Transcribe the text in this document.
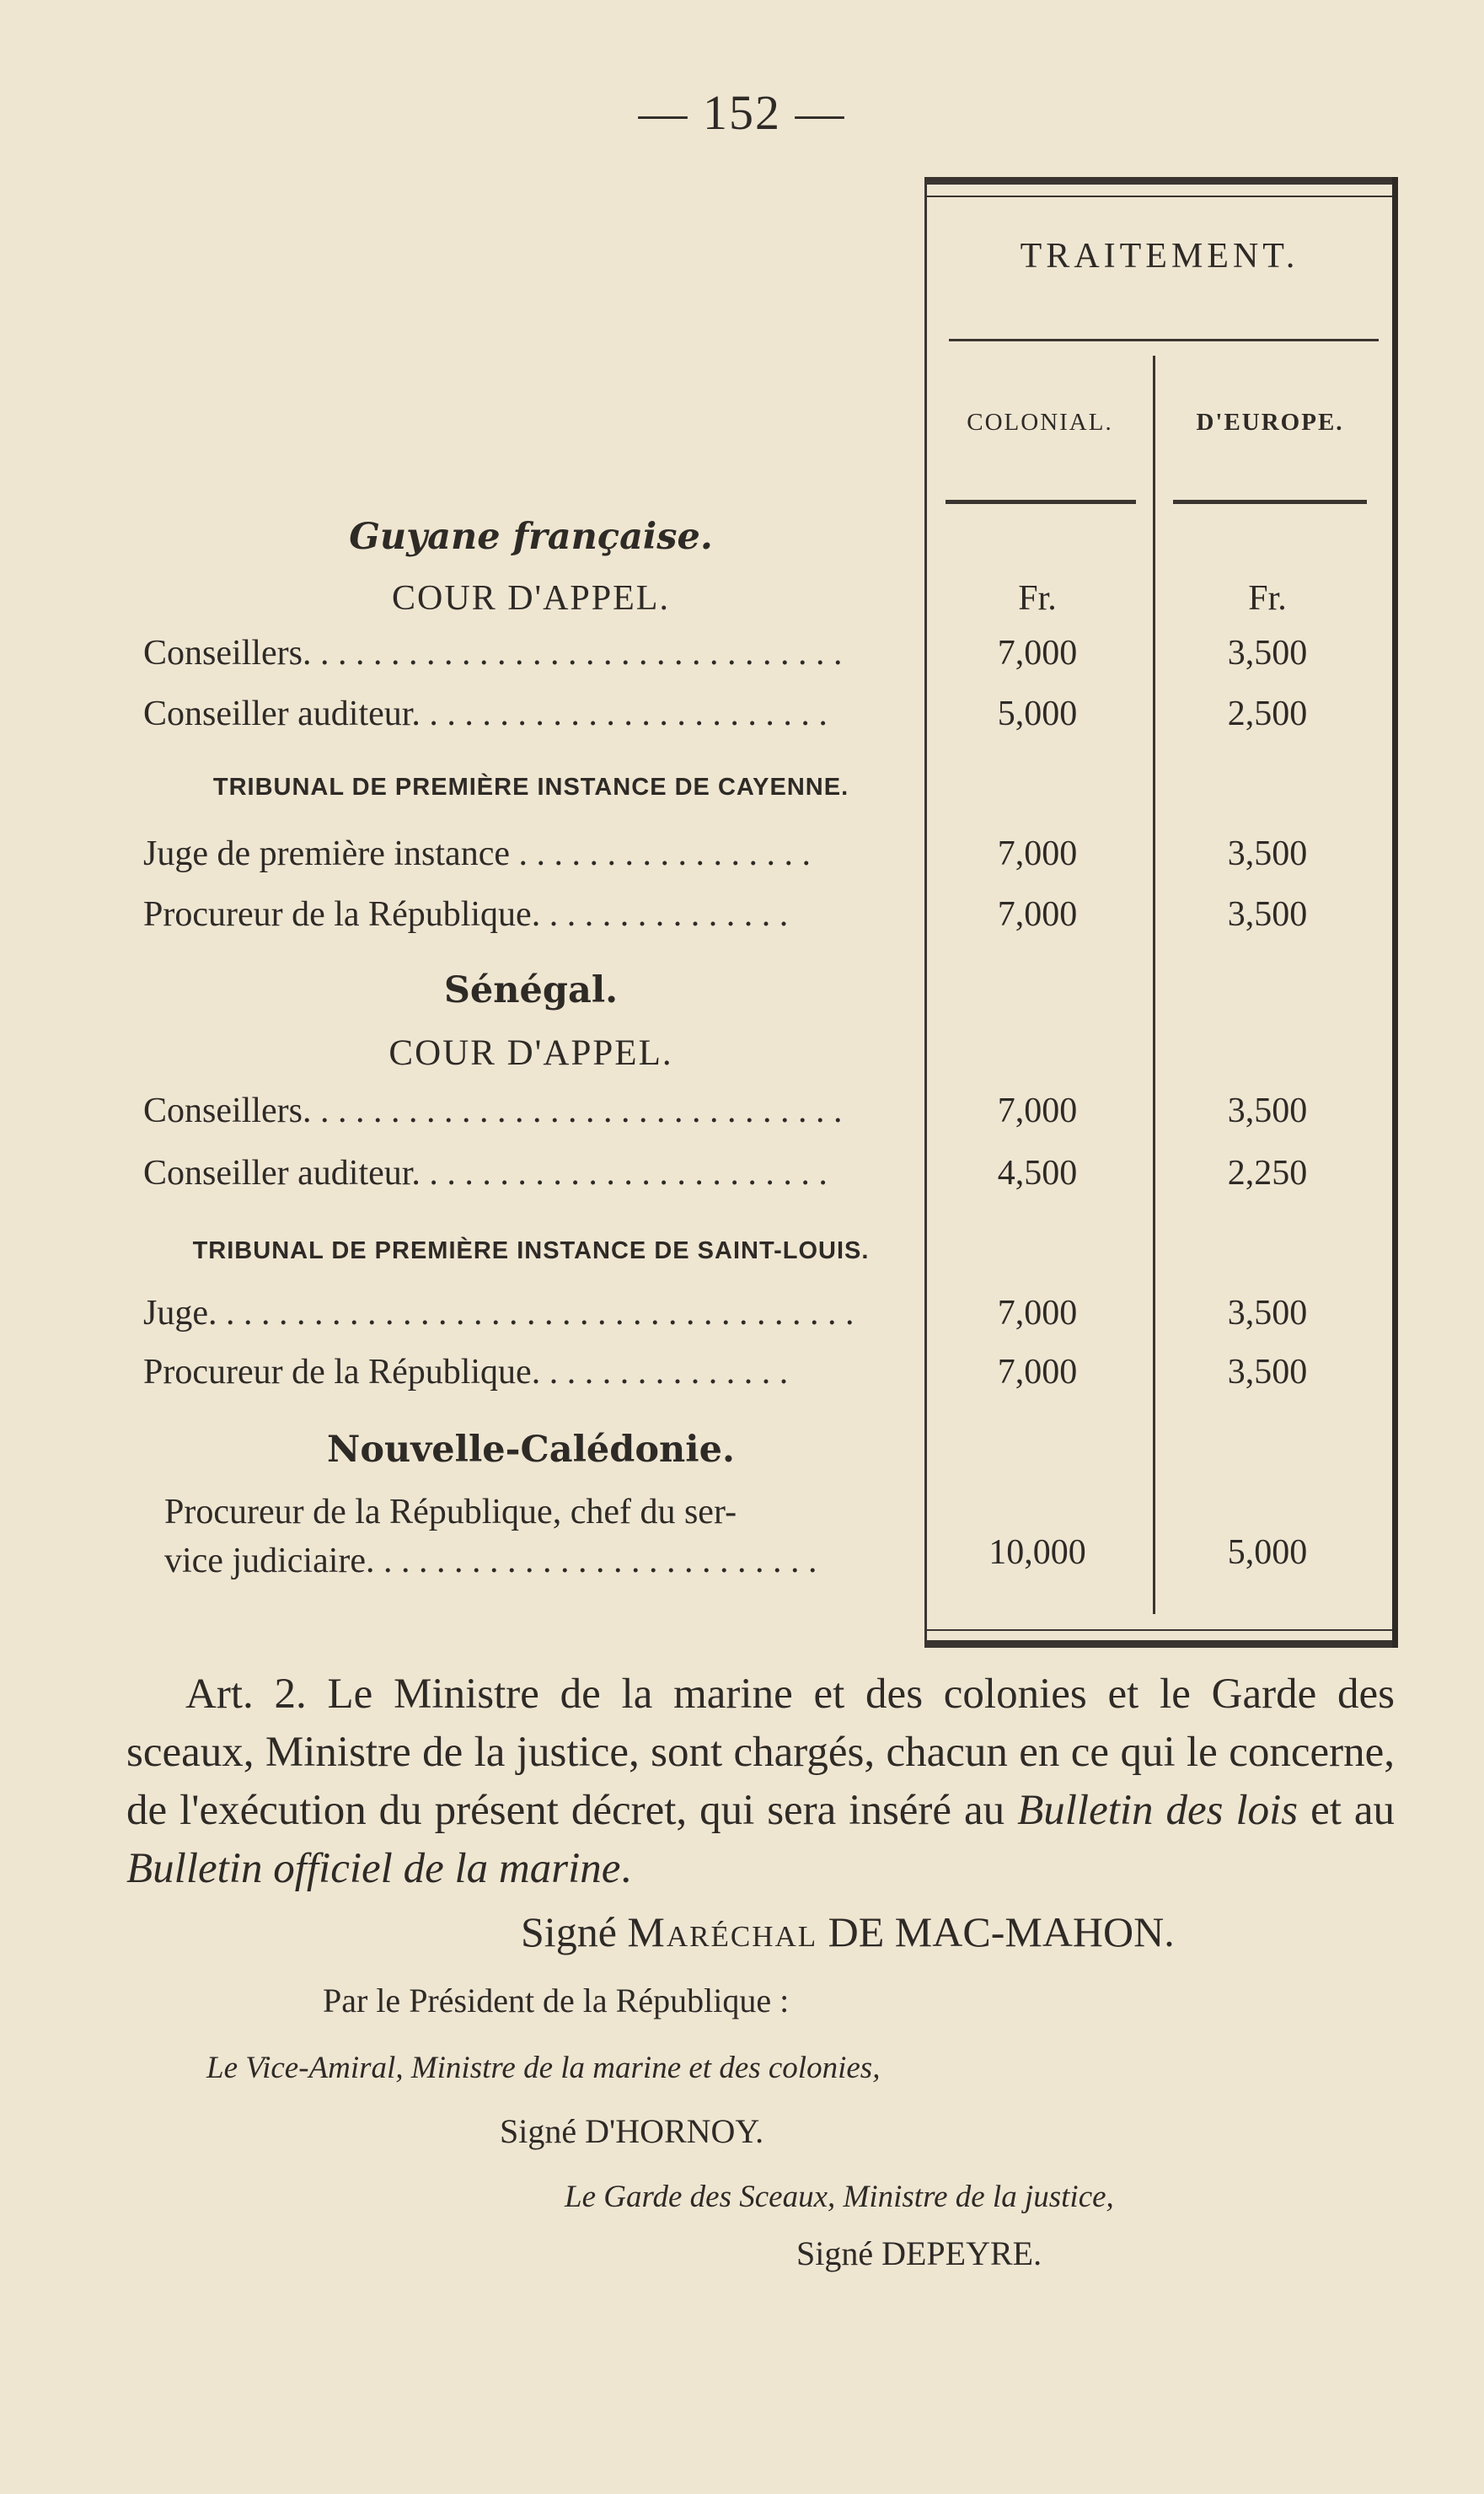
— 152 —
TRAITEMENT.
COLONIAL.	D'EUROPE.
Guyane française.
COUR D'APPEL.	Fr.	Fr.
Conseillers. . . . . . . . . . . . . . . . . . . . . . . . . . . . . . .	7,000	3,500
Conseiller auditeur. . . . . . . . . . . . . . . . . . . . . . . .	5,000	2,500
TRIBUNAL DE PREMIÈRE INSTANCE DE CAYENNE.
Juge de première instance . . . . . . . . . . . . . . . . .	7,000	3,500
Procureur de la République. . . . . . . . . . . . . . .	7,000	3,500
Sénégal.
COUR D'APPEL.
Conseillers. . . . . . . . . . . . . . . . . . . . . . . . . . . . . . .	7,000	3,500
Conseiller auditeur. . . . . . . . . . . . . . . . . . . . . . . .	4,500	2,250
TRIBUNAL DE PREMIÈRE INSTANCE DE SAINT-LOUIS.
Juge. . . . . . . . . . . . . . . . . . . . . . . . . . . . . . . . . . . . .	7,000	3,500
Procureur de la République. . . . . . . . . . . . . . .	7,000	3,500
Nouvelle-Calédonie.
Procureur de la République, chef du ser-
vice judiciaire. . . . . . . . . . . . . . . . . . . . . . . . . .	10,000	5,000
Art. 2. Le Ministre de la marine et des colonies et le Garde des sceaux, Ministre de la justice, sont chargés, chacun en ce qui le concerne, de l'exécution du présent décret, qui sera inséré au Bulletin des lois et au Bulletin officiel de la marine.
Signé Maréchal DE MAC-MAHON.
Par le Président de la République :
Le Vice-Amiral, Ministre de la marine et des colonies,
Signé D'HORNOY.
Le Garde des Sceaux, Ministre de la justice,
Signé DEPEYRE.
